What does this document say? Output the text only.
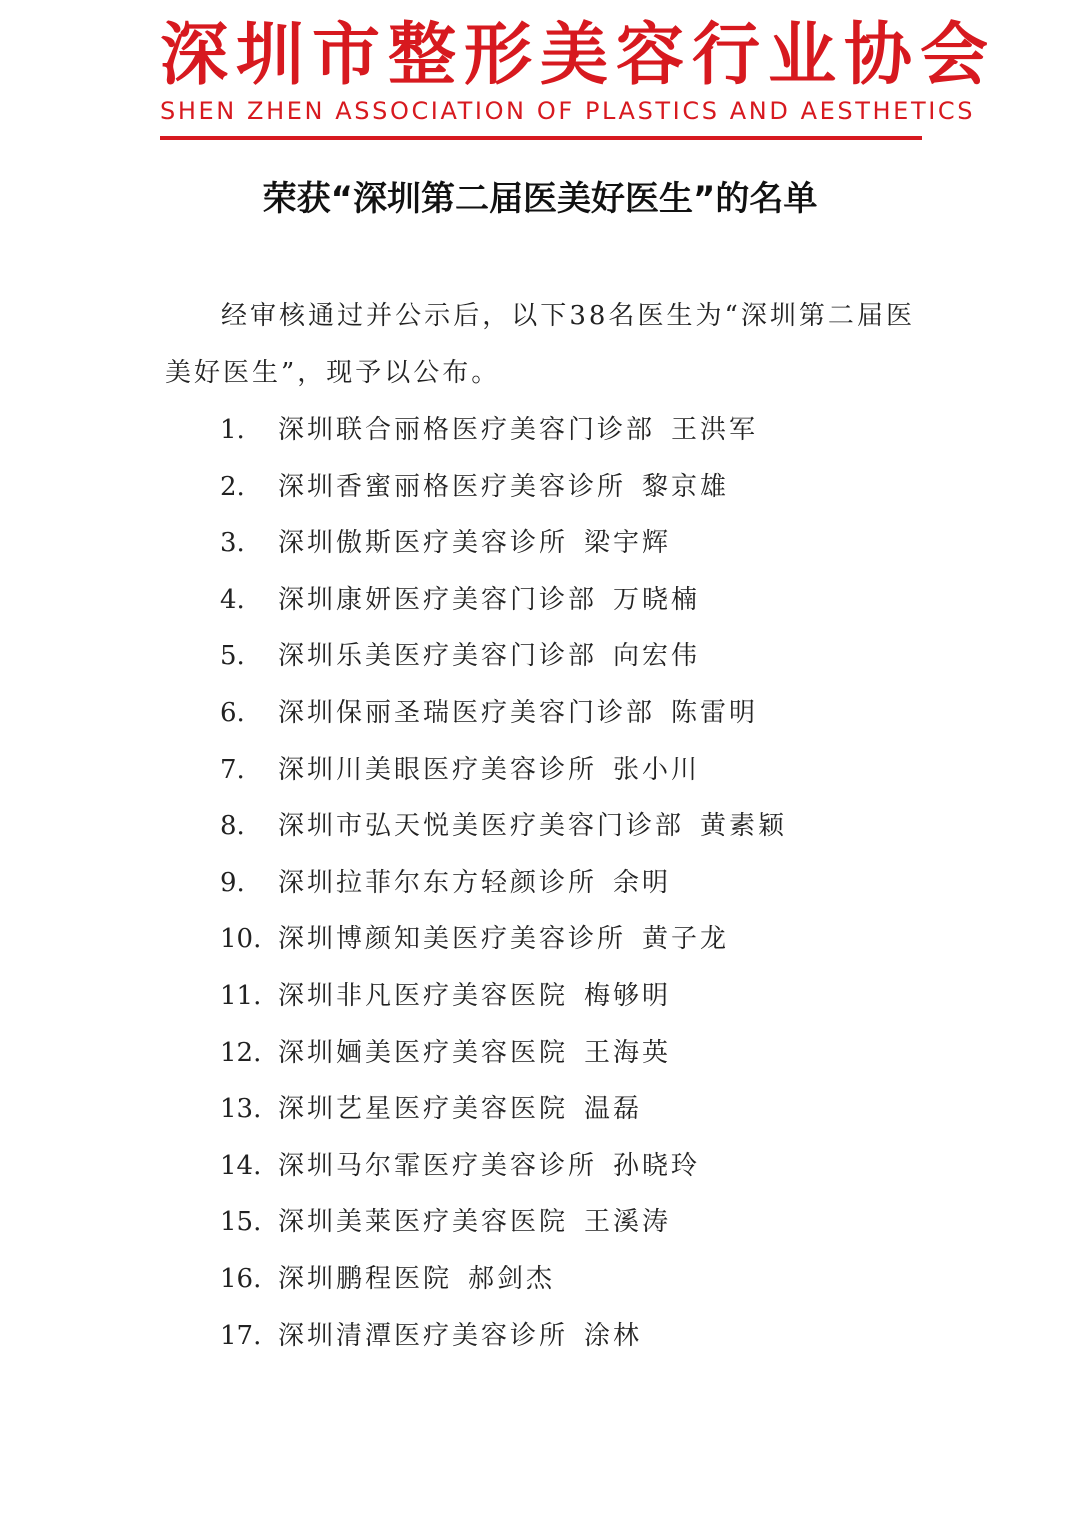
深圳市整形美容行业协会
SHEN ZHEN ASSOCIATION OF PLASTICS AND AESTHETICS
荣获“深圳第二届医美好医生”的名单

经审核通过并公示后，以下38名医生为“深圳第二届医美好医生”，现予以公布。

1. 深圳联合丽格医疗美容门诊部 王洪军
2. 深圳香蜜丽格医疗美容诊所 黎京雄
3. 深圳傲斯医疗美容诊所 梁宇辉
4. 深圳康妍医疗美容门诊部 万晓楠
5. 深圳乐美医疗美容门诊部 向宏伟
6. 深圳保丽圣瑞医疗美容门诊部 陈雷明
7. 深圳川美眼医疗美容诊所 张小川
8. 深圳市弘天悦美医疗美容门诊部 黄素颖
9. 深圳拉菲尔东方轻颜诊所 余明
10. 深圳博颜知美医疗美容诊所 黄子龙
11. 深圳非凡医疗美容医院 梅够明
12. 深圳婳美医疗美容医院 王海英
13. 深圳艺星医疗美容医院 温磊
14. 深圳马尔霏医疗美容诊所 孙晓玲
15. 深圳美莱医疗美容医院 王溪涛
16. 深圳鹏程医院 郝剑杰
17. 深圳清潭医疗美容诊所 涂林
